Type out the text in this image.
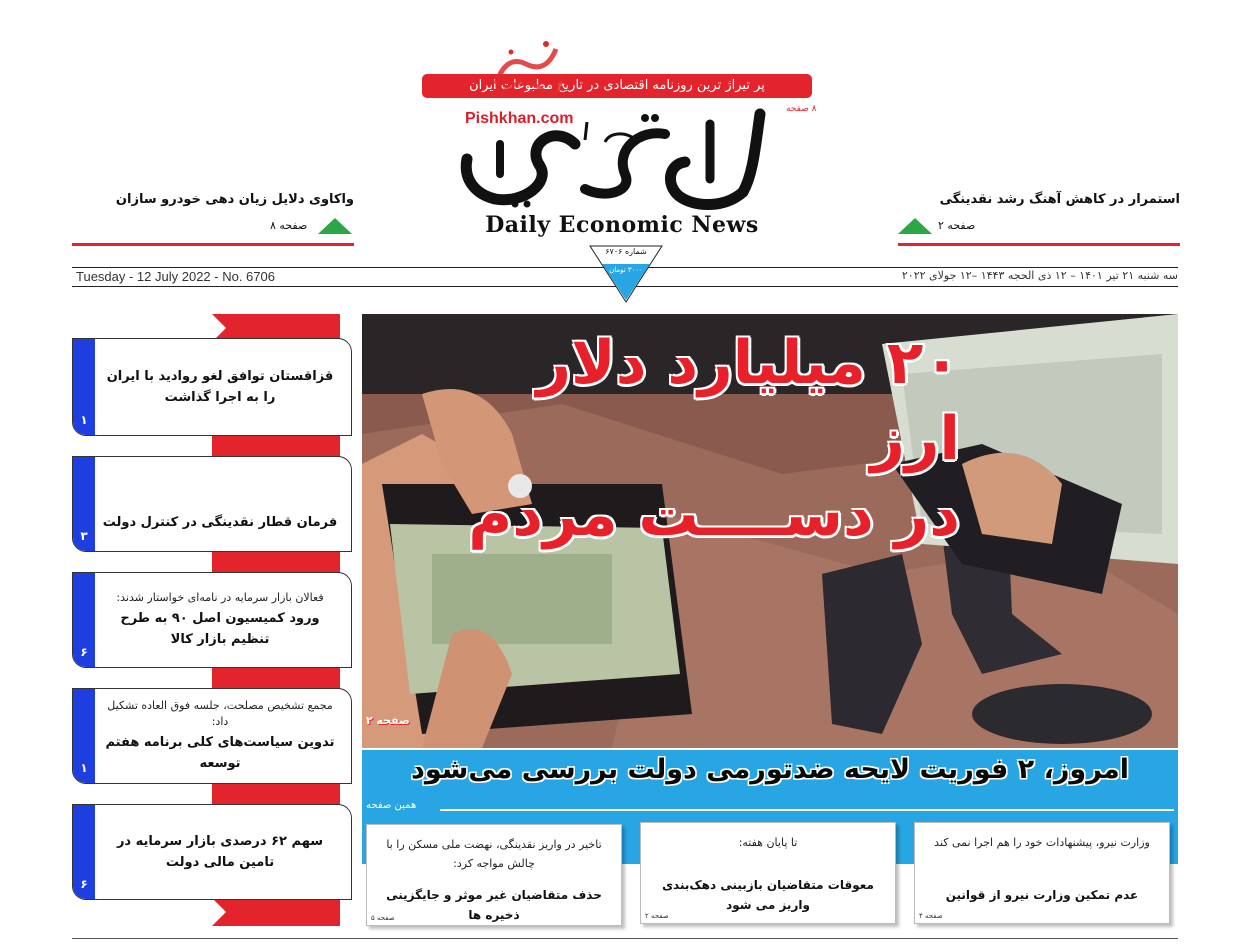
پر تیراژ ترین روزنامه اقتصادی در تاریخ مطبوعات ایران
Pishkhan.com
۸ صفحه
Daily Economic News
واکاوی دلایل زیان دهی خودرو سازان
صفحه ۸
استمرار در کاهش آهنگ رشد نقدینگی
صفحه ۲
Tuesday - 12 July 2022 - No. 6706	سه شنبه ۲۱ تیر ۱۴۰۱ – ۱۲ ذی الحجه ۱۴۴۳ –۱۲ جولای ۲۰۲۲
شماره ۶۷۰۶
۳۰۰۰ تومان
۱
قزاقستان توافق لغو روادید با ایران را به اجرا گذاشت
۳
فرمان قطار نقدینگی در کنترل دولت
۶
فعالان بازار سرمایه در نامه‌ای خواستار شدند:
ورود کمیسیون اصل ۹۰ به طرح تنظیم بازار کالا
۱
مجمع تشخیص مصلحت، جلسه فوق العاده تشکیل داد:
تدوین سیاست‌های کلی برنامه هفتم توسعه
۶
سهم ۶۲ درصدی بازار سرمایه در تامین مالی دولت
۲۰ میلیارد دلار ارز
در دســــت مردم
صفحه ۲
امروز، ۲ فوریت لایحه ضدتورمی دولت بررسی می‌شود
همین صفحه
وزارت نیرو، پیشنهادات خود را هم اجرا نمی کند
عدم تمکین وزارت نیرو از قوانین
صفحه ۴
تا پایان هفته:
معوقات متقاضیان بازبینی دهک‌بندی واریز می شود
صفحه ۲
تاخیر در واریز نقدینگی، نهضت ملی مسکن را با چالش مواجه کرد:
حذف متقاضیان غیر موثر و جایگزینی ذخیره ها
صفحه ۵
